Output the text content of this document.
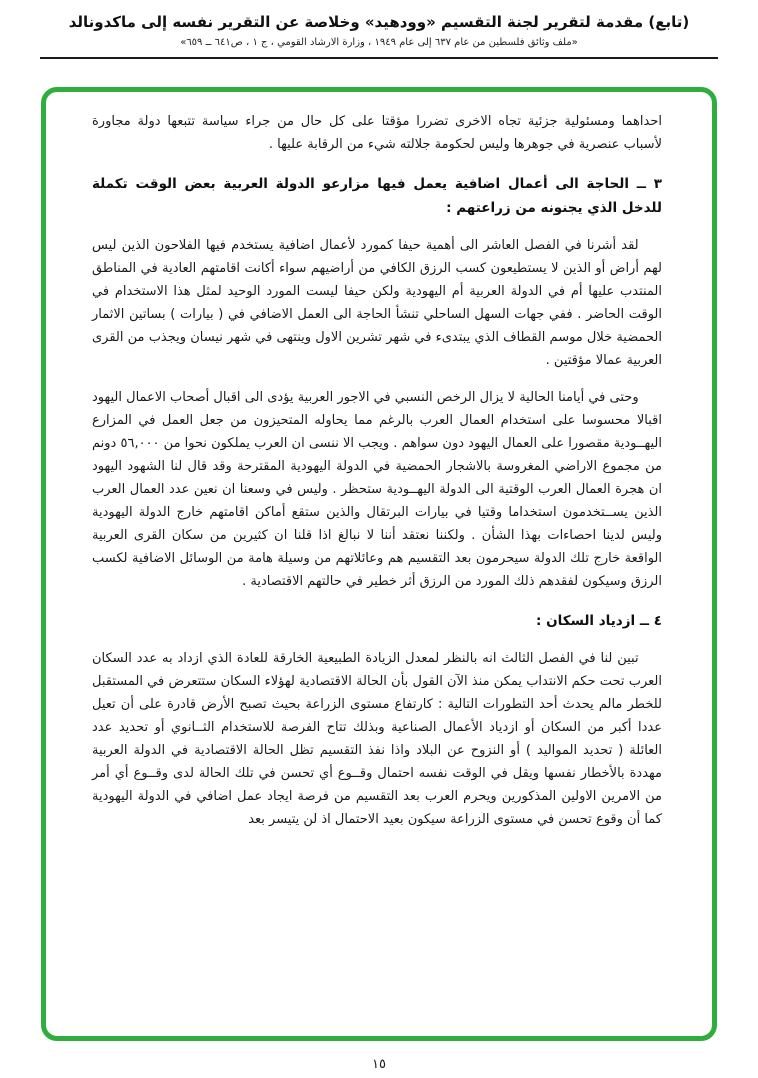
(تابع) مقدمة لتقرير لجنة التقسيم «وودهيد» وخلاصة عن التقرير نفسه إلى ماكدونالد
«ملف وثائق فلسطين من عام ٦٣٧ إلى عام ١٩٤٩ ، وزارة الارشاد القومي ، ج ١ ، ص٦٤١ ــ ٦٥٩»

احداهما ومسئولية جزئية تجاه الاخرى تضررا مؤقتا على كل حال من جراء سياسة تتبعها دولة مجاورة لأسباب عنصرية في جوهرها وليس لحكومة جلالته شيء من الرقابة عليها .

٣ ــ الحاجة الى أعمال اضافية يعمل فيها مزارعو الدولة العربية بعض الوقت تكملة للدخل الذي يجنونه من زراعتهم :

لقد أشرنا في الفصل العاشر الى أهمية حيفا كمورد لأعمال اضافية يستخدم فيها الفلاحون الذين ليس لهم أراض أو الذين لا يستطيعون كسب الرزق الكافي من أراضيهم سواء أكانت اقامتهم العادية في المناطق المنتدب عليها أم في الدولة العربية أم اليهودية ولكن حيفا ليست المورد الوحيد لمثل هذا الاستخدام في الوقت الحاضر . ففي جهات السهل الساحلي تنشأ الحاجة الى العمل الاضافي في ( بيارات ) بساتين الاثمار الحمضية خلال موسم القطاف الذي يبتدىء في شهر تشرين الاول وينتهى في شهر نيسان ويجذب من القرى العربية عمالا مؤقتين .

وحتى في أيامنا الحالية لا يزال الرخص النسبي في الاجور العربية يؤدى الى اقبال أصحاب الاعمال اليهود اقبالا محسوسا على استخدام العمال العرب بالرغم مما يحاوله المتحيزون من جعل العمل في المزارع اليهــودية مقصورا على العمال اليهود دون سواهم . ويجب الا ننسى ان العرب يملكون نحوا من ٥٦,٠٠٠ دونم من مجموع الاراضي المغروسة بالاشجار الحمضية في الدولة اليهودية المقترحة وقد قال لنا الشهود اليهود ان هجرة العمال العرب الوقتية الى الدولة اليهــودية ستحظر . وليس في وسعنا ان نعين عدد العمال العرب الذين يســتخدمون استخداما وقتيا في بيارات البرتقال والذين ستقع أماكن اقامتهم خارج الدولة اليهودية وليس لدينا احصاءات بهذا الشأن . ولكننا نعتقد أننا لا نبالغ اذا قلنا ان كثيرين من سكان القرى العربية الواقعة خارج تلك الدولة سيحرمون بعد التقسيم هم وعائلاتهم من وسيلة هامة من الوسائل الاضافية لكسب الرزق وسيكون لفقدهم ذلك المورد من الرزق أثر خطير في حالتهم الاقتصادية .

٤ ــ ازدياد السكان :

تبين لنا في الفصل الثالث انه بالنظر لمعدل الزيادة الطبيعية الخارقة للعادة الذي ازداد به عدد السكان العرب تحت حكم الانتداب يمكن منذ الآن القول بأن الحالة الاقتصادية لهؤلاء السكان ستتعرض في المستقبل للخطر مالم يحدث أحد التطورات التالية : كارتفاع مستوى الزراعة بحيث تصبح الأرض قادرة على أن تعيل عددا أكبر من السكان أو ازدياد الأعمال الصناعية وبذلك تتاح الفرصة للاستخدام الثــانوي أو تحديد عدد العائلة ( تحديد المواليد ) أو النزوح عن البلاد واذا نفذ التقسيم تظل الحالة الاقتصادية في الدولة العربية مهددة بالأخطار نفسها ويقل في الوقت نفسه احتمال وقــوع أي تحسن في تلك الحالة لدى وقــوع أي أمر من الامرين الاولين المذكورين ويحرم العرب بعد التقسيم من فرصة ايجاد عمل اضافي في الدولة اليهودية كما أن وقوع تحسن في مستوى الزراعة سيكون بعيد الاحتمال اذ لن يتيسر بعد

١٥
